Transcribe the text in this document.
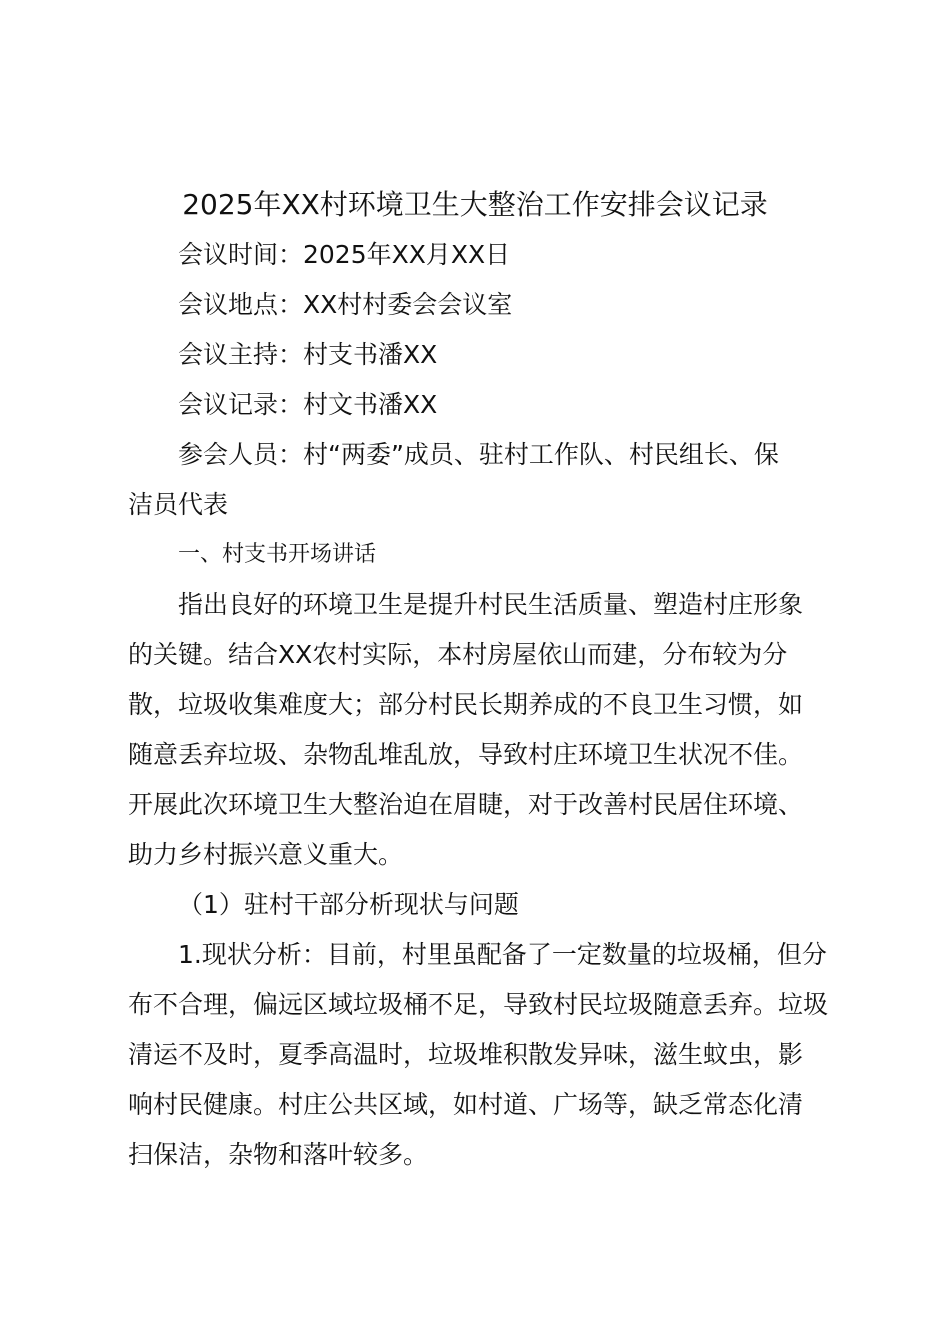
2025年XX村环境卫生大整治工作安排会议记录
会议时间：2025年XX月XX日
会议地点：XX村村委会会议室
会议主持：村支书潘XX
会议记录：村文书潘XX
参会人员：村“两委”成员、驻村工作队、村民组长、保
洁员代表
一、村支书开场讲话
指出良好的环境卫生是提升村民生活质量、塑造村庄形象
的关键。结合XX农村实际，本村房屋依山而建，分布较为分
散，垃圾收集难度大；部分村民长期养成的不良卫生习惯，如
随意丢弃垃圾、杂物乱堆乱放，导致村庄环境卫生状况不佳。
开展此次环境卫生大整治迫在眉睫，对于改善村民居住环境、
助力乡村振兴意义重大。
（1）驻村干部分析现状与问题
1.现状分析：目前，村里虽配备了一定数量的垃圾桶，但分
布不合理，偏远区域垃圾桶不足，导致村民垃圾随意丢弃。垃圾
清运不及时，夏季高温时，垃圾堆积散发异味，滋生蚊虫，影
响村民健康。村庄公共区域，如村道、广场等，缺乏常态化清
扫保洁，杂物和落叶较多。
